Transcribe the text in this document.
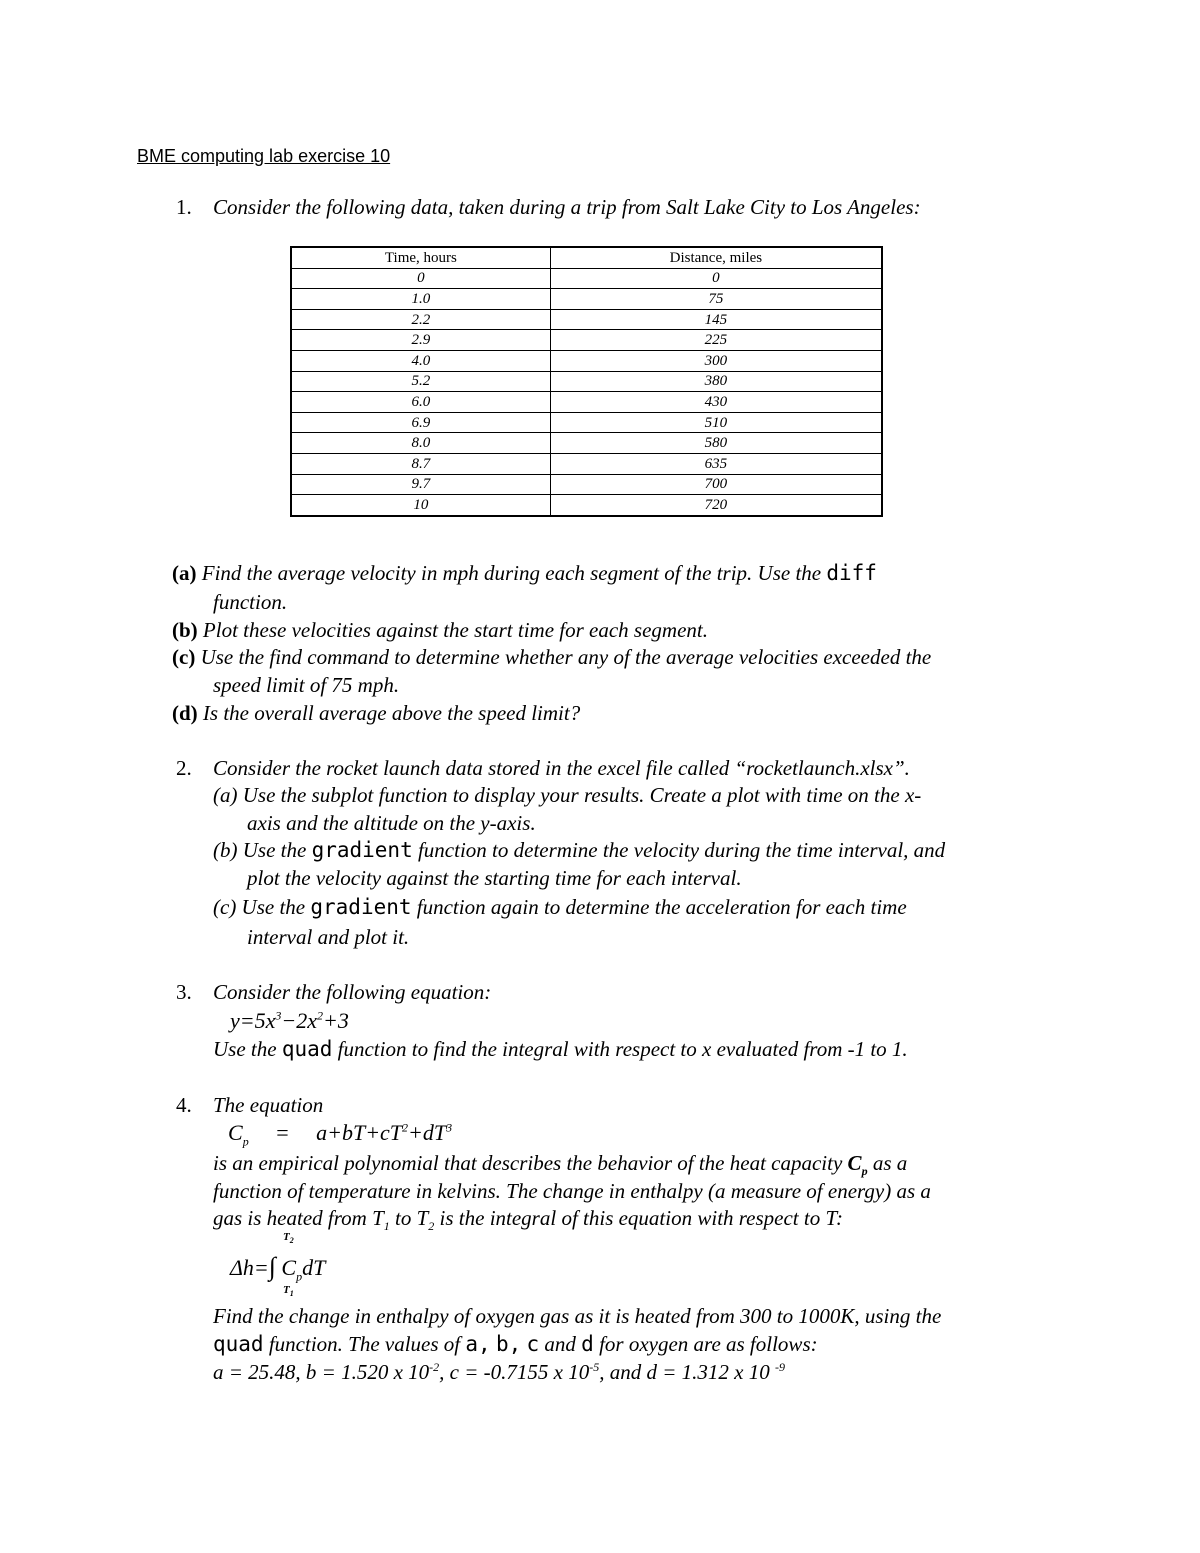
BME computing lab exercise 10
1. Consider the following data, taken during a trip from Salt Lake City to Los Angeles:
Time, hours	Distance, miles
0	0
1.0	75
2.2	145
2.9	225
4.0	300
5.2	380
6.0	430
6.9	510
8.0	580
8.7	635
9.7	700
10	720
(a) Find the average velocity in mph during each segment of the trip. Use the diff
function.
(b) Plot these velocities against the start time for each segment.
(c) Use the find command to determine whether any of the average velocities exceeded the
speed limit of 75 mph.
(d) Is the overall average above the speed limit?
2. Consider the rocket launch data stored in the excel file called “rocketlaunch.xlsx”.
(a) Use the subplot function to display your results. Create a plot with time on the x-
axis and the altitude on the y-axis.
(b) Use the gradient function to determine the velocity during the time interval, and
plot the velocity against the starting time for each interval.
(c) Use the gradient function again to determine the acceleration for each time
interval and plot it.
3. Consider the following equation:
$y=5x^3-2x^2+3$
Use the quad function to find the integral with respect to x evaluated from -1 to 1.
4. The equation
$C_p = a+bT+cT^2+dT^3$
is an empirical polynomial that describes the behavior of the heat capacity $C_p$ as a
function of temperature in kelvins. The change in enthalpy (a measure of energy) as a
gas is heated from $T_1$ to $T_2$ is the integral of this equation with respect to T:
$T_2$
Δh=∫ $C_pdT$
$T_1$
Find the change in enthalpy of oxygen gas as it is heated from 300 to 1000K, using the
quad function. The values of a, b, c and d for oxygen are as follows:
a = 25.48, b = 1.520 x $10^{-2}$, c = -0.7155 x $10^{-5}$, and d = 1.312 x 10 $^{-9}$
